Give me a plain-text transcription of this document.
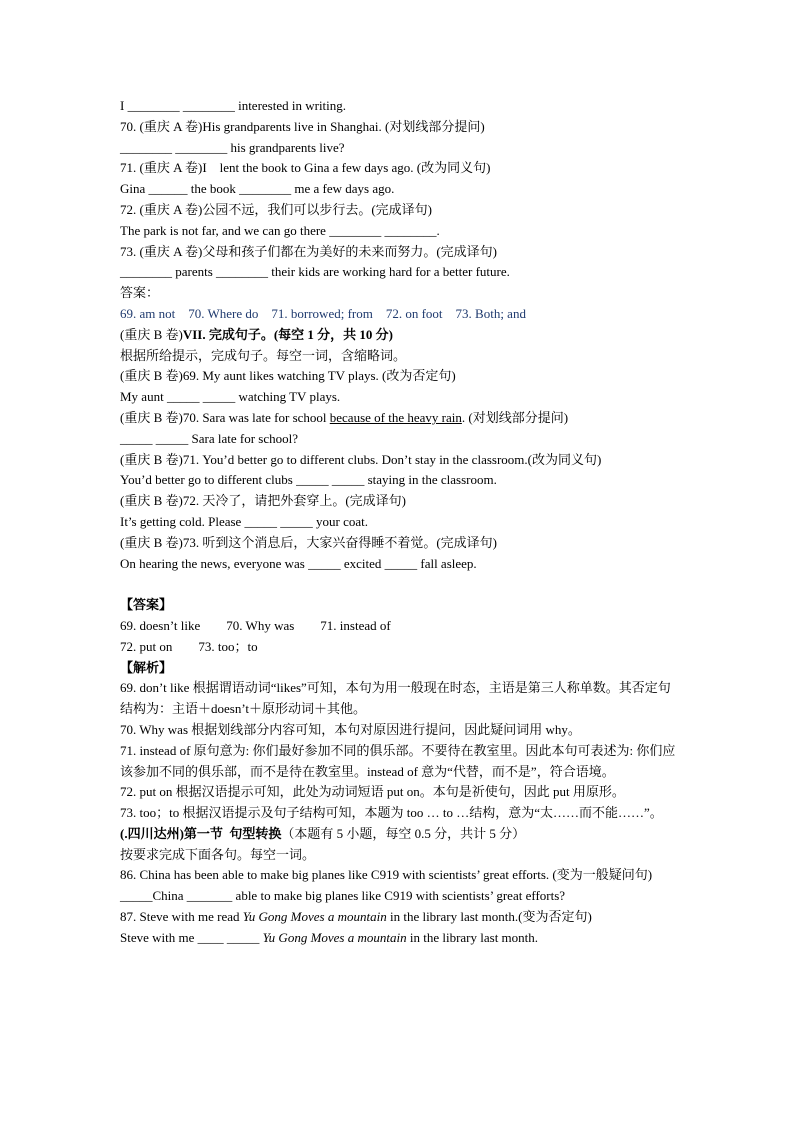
I ________ ________ interested in writing.
70. (重庆 A 卷)His grandparents live in Shanghai. (对划线部分提问)
________ ________ his grandparents live?
71. (重庆 A 卷)I    lent the book to Gina a few days ago. (改为同义句)
Gina ______ the book ________ me a few days ago.
72. (重庆 A 卷)公园不远，我们可以步行去。(完成译句)
The park is not far, and we can go there ________ ________.
73. (重庆 A 卷)父母和孩子们都在为美好的未来而努力。(完成译句)
________ parents ________ their kids are working hard for a better future.
答案：
69. am not    70. Where do    71. borrowed; from    72. on foot    73. Both; and
(重庆 B 卷)VII. 完成句子。(每空 1 分，共 10 分)
根据所给提示，完成句子。每空一词，含缩略词。
(重庆 B 卷)69. My aunt likes watching TV plays. (改为否定句)
My aunt _____ _____ watching TV plays.
(重庆 B 卷)70. Sara was late for school because of the heavy rain. (对划线部分提问)
_____ _____ Sara late for school?
(重庆 B 卷)71. You’d better go to different clubs. Don’t stay in the classroom.(改为同义句)
You’d better go to different clubs _____ _____ staying in the classroom.
(重庆 B 卷)72. 天冷了，请把外套穿上。(完成译句)
It’s getting cold. Please _____ _____ your coat.
(重庆 B 卷)73. 听到这个消息后，大家兴奋得睡不着觉。(完成译句)
On hearing the news, everyone was _____ excited _____ fall asleep.
【答案】
69. doesn’t like        70. Why was        71. instead of
72. put on        73. too；to
【解析】
69. don’t like 根据谓语动词“likes”可知，本句为用一般现在时态，主语是第三人称单数。其否定句结构为：主语＋doesn’t＋原形动词＋其他。
70. Why was 根据划线部分内容可知，本句对原因进行提问，因此疑问词用 why。
71. instead of 原句意为: 你们最好参加不同的俱乐部。不要待在教室里。因此本句可表述为: 你们应该参加不同的俱乐部，而不是待在教室里。instead of 意为“代替，而不是”，符合语境。
72. put on 根据汉语提示可知，此处为动词短语 put on。本句是祈使句，因此 put 用原形。
73. too；to 根据汉语提示及句子结构可知，本题为 too … to …结构，意为“太……而不能……”。
(.四川达州)第一节  句型转换（本题有 5 小题，每空 0.5 分，共计 5 分）
按要求完成下面各句。每空一词。
86. China has been able to make big planes like C919 with scientists’ great efforts. (变为一般疑问句)
_____China _______ able to make big planes like C919 with scientists’ great efforts?
87. Steve with me read Yu Gong Moves a mountain in the library last month.(变为否定句)
Steve with me ____ _____ Yu Gong Moves a mountain in the library last month.
